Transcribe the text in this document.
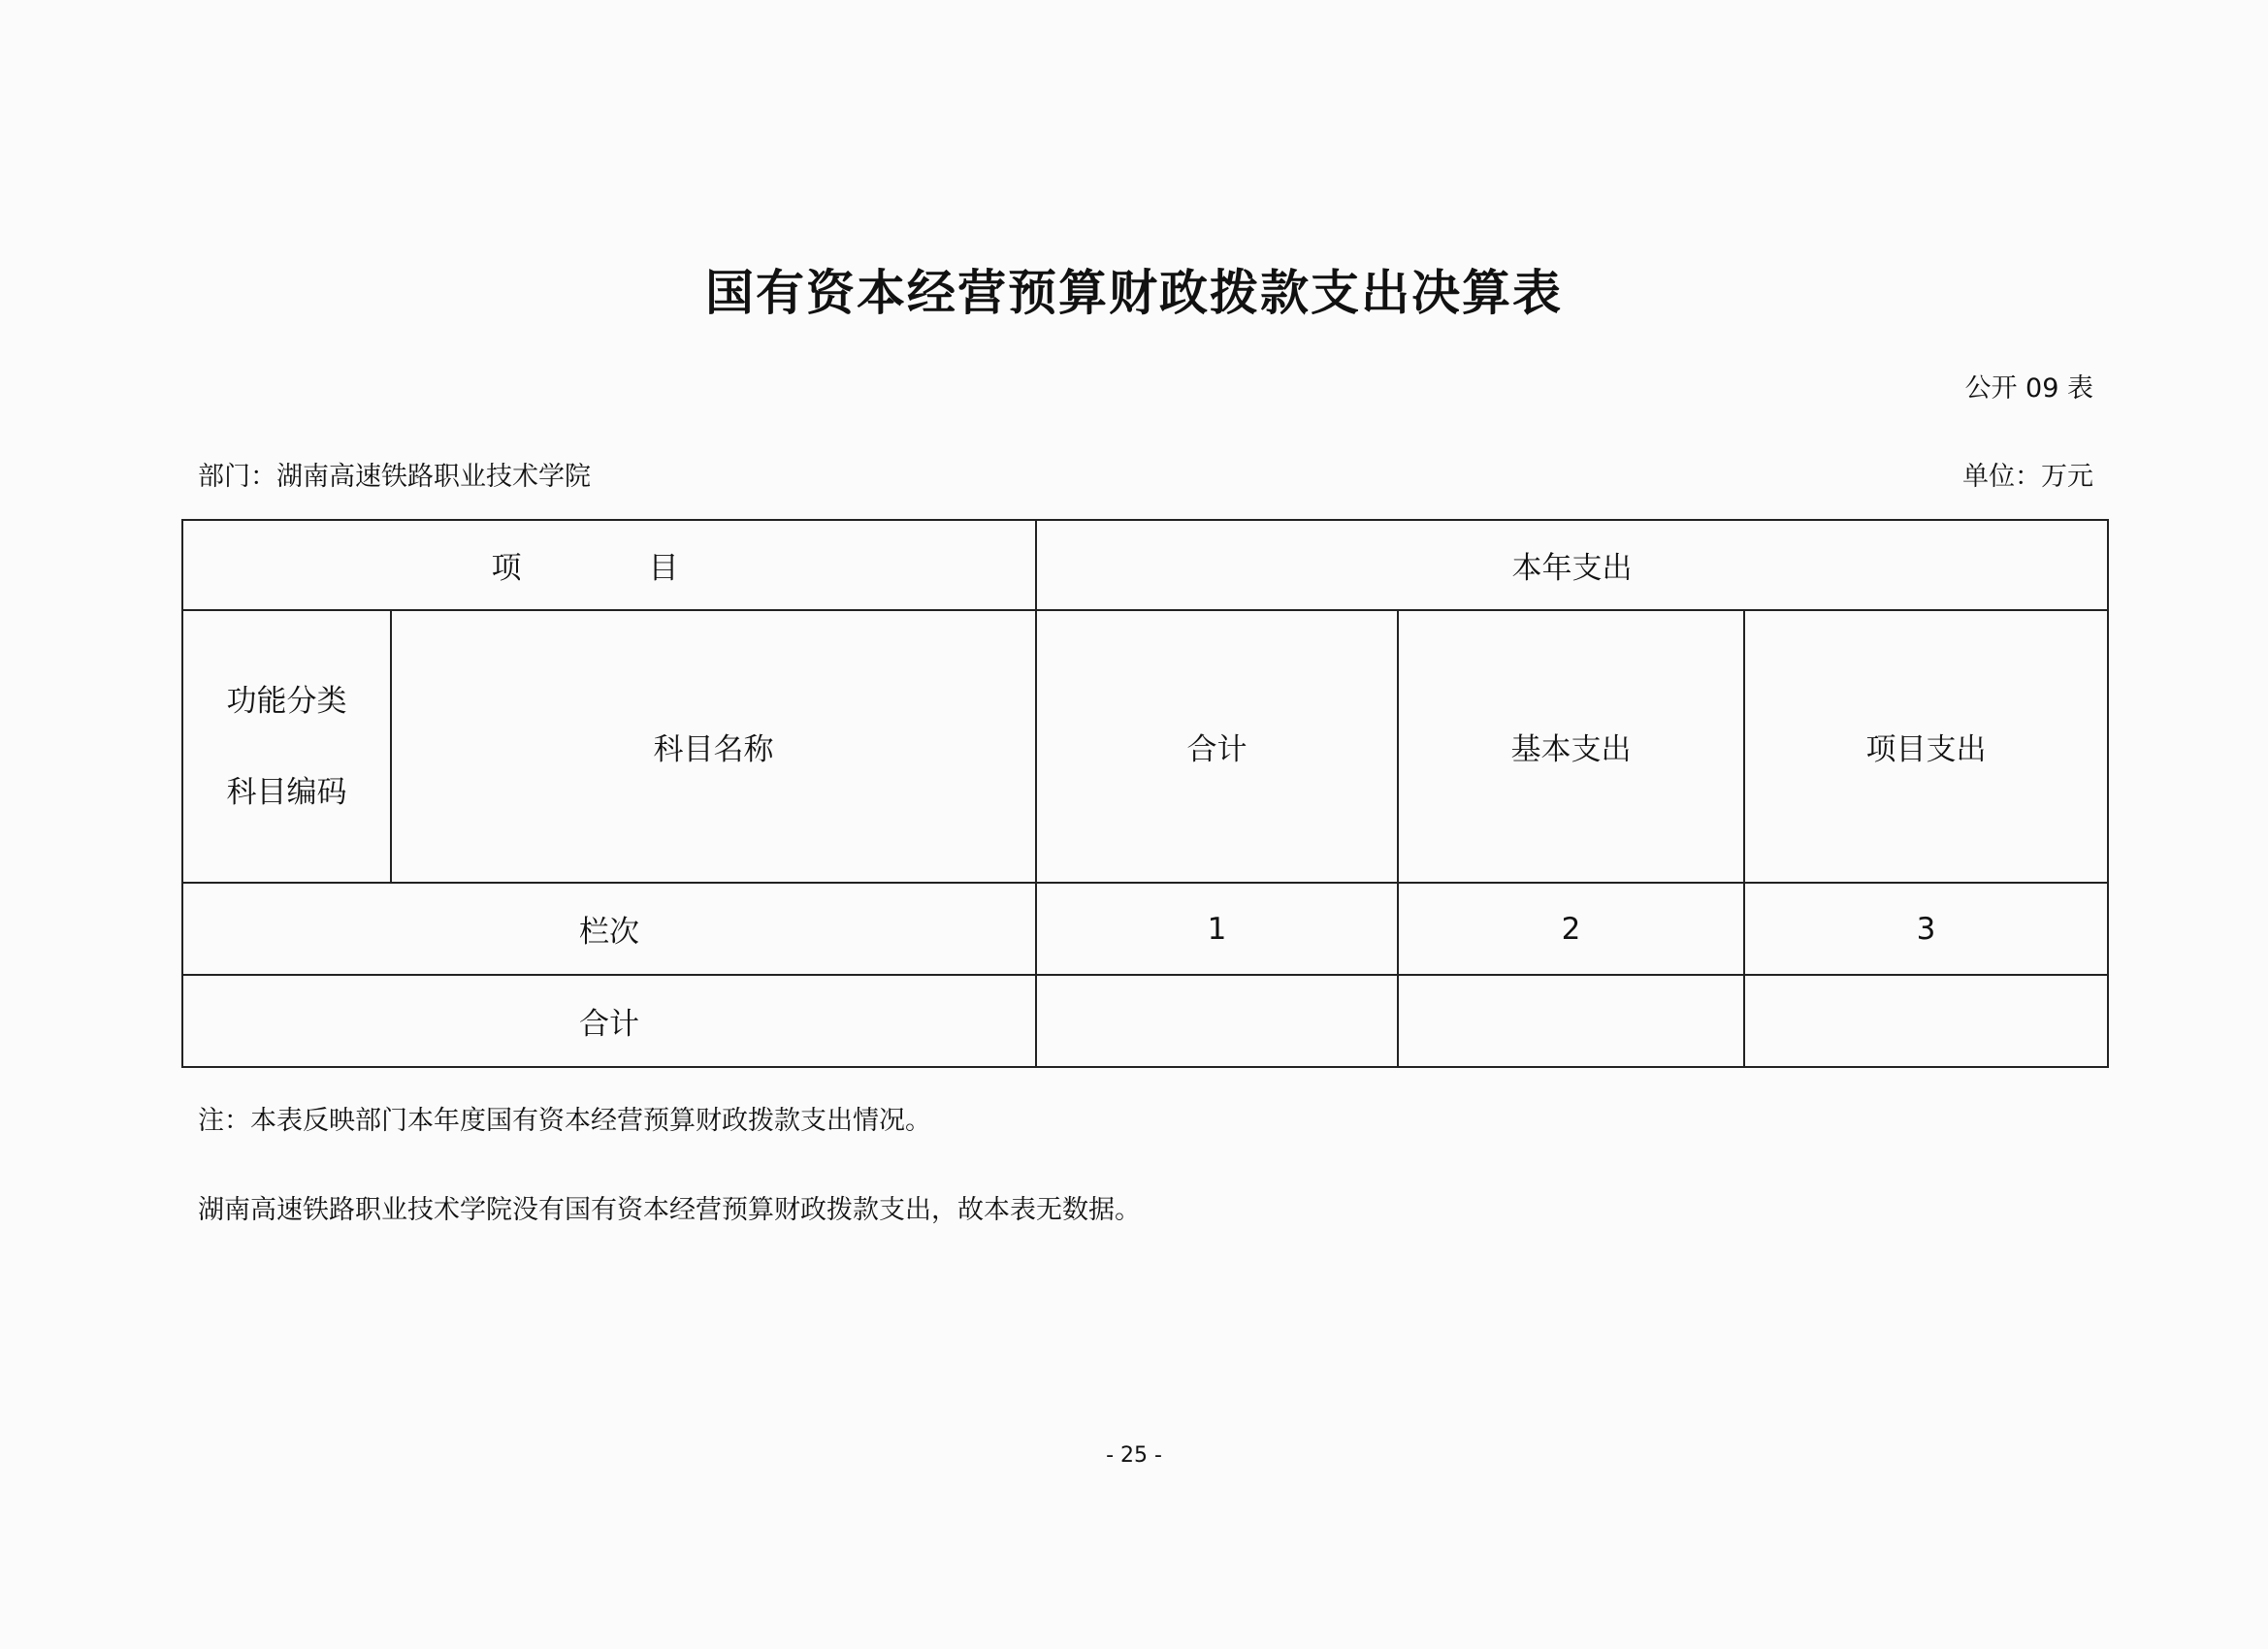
国有资本经营预算财政拨款支出决算表
公开 09 表
部门：湖南高速铁路职业技术学院	单位：万元
项　目		本年支出		

功能分类
科目编码	科目名称	合计	基本支出	项目支出
栏次		1	2	3
合计				
注：本表反映部门本年度国有资本经营预算财政拨款支出情况。
湖南高速铁路职业技术学院没有国有资本经营预算财政拨款支出，故本表无数据。
- 25 -
